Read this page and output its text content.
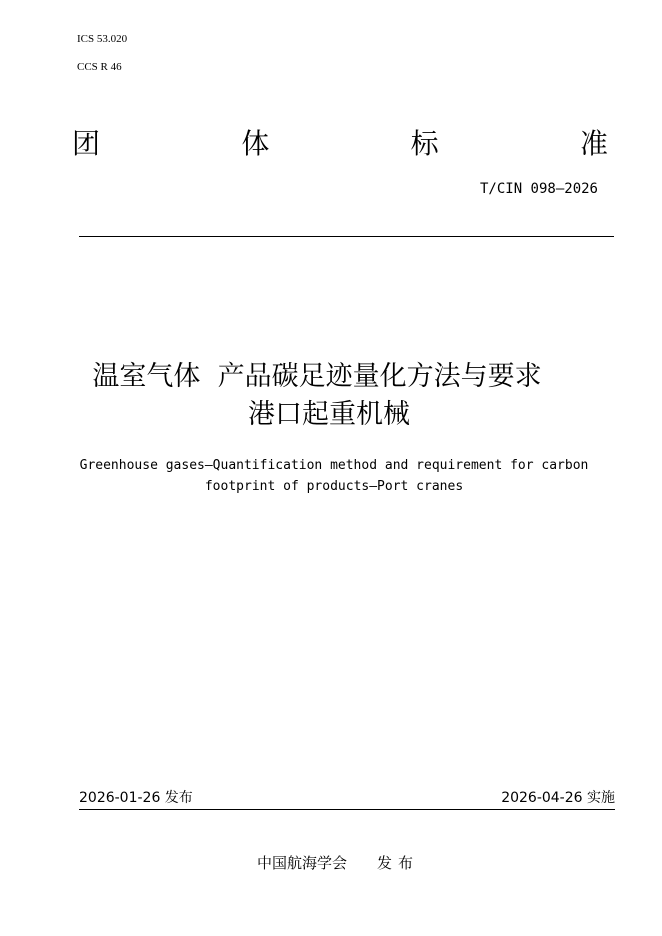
ICS 53.020
CCS R 46
团	体	标	准
T/CIN 098—2026
温室气体  产品碳足迹量化方法与要求
港口起重机械
Greenhouse gases—Quantification method and requirement for carbon
footprint of products—Port cranes
2026-01-26 发布	2026-04-26 实施
中国航海学会 发布
